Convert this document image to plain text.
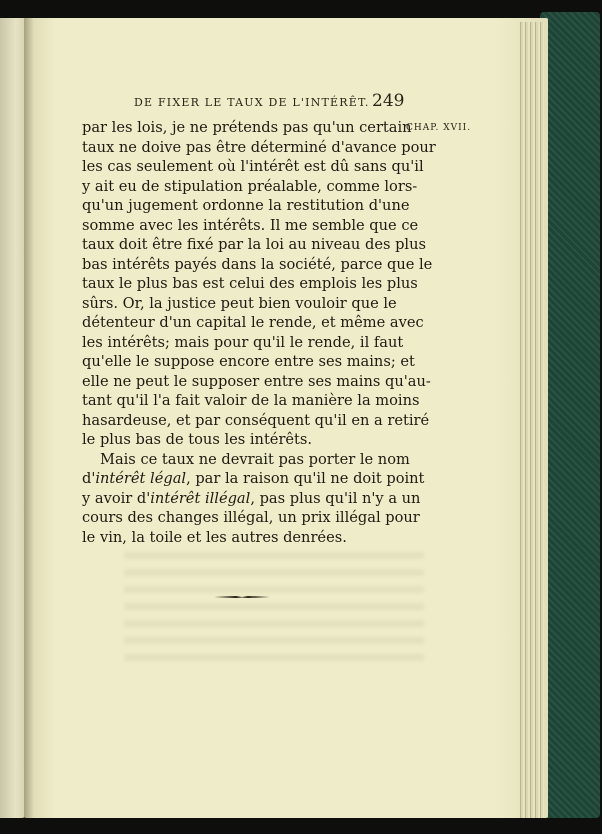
DE FIXER LE TAUX DE L'INTÉRÊT. 249
CHAP. XVII.
par les lois, je ne prétends pas qu'un certain
taux ne doive pas être déterminé d'avance pour
les cas seulement où l'intérêt est dû sans qu'il
y ait eu de stipulation préalable, comme lors-
qu'un jugement ordonne la restitution d'une
somme avec les intérêts. Il me semble que ce
taux doit être fixé par la loi au niveau des plus
bas intérêts payés dans la société, parce que le
taux le plus bas est celui des emplois les plus
sûrs. Or, la justice peut bien vouloir que le
détenteur d'un capital le rende, et même avec
les intérêts; mais pour qu'il le rende, il faut
qu'elle le suppose encore entre ses mains; et
elle ne peut le supposer entre ses mains qu'au-
tant qu'il l'a fait valoir de la manière la moins
hasardeuse, et par conséquent qu'il en a retiré
le plus bas de tous les intérêts.
Mais ce taux ne devrait pas porter le nom
d'intérêt légal, par la raison qu'il ne doit point
y avoir d'intérêt illégal, pas plus qu'il n'y a un
cours des changes illégal, un prix illégal pour
le vin, la toile et les autres denrées.
